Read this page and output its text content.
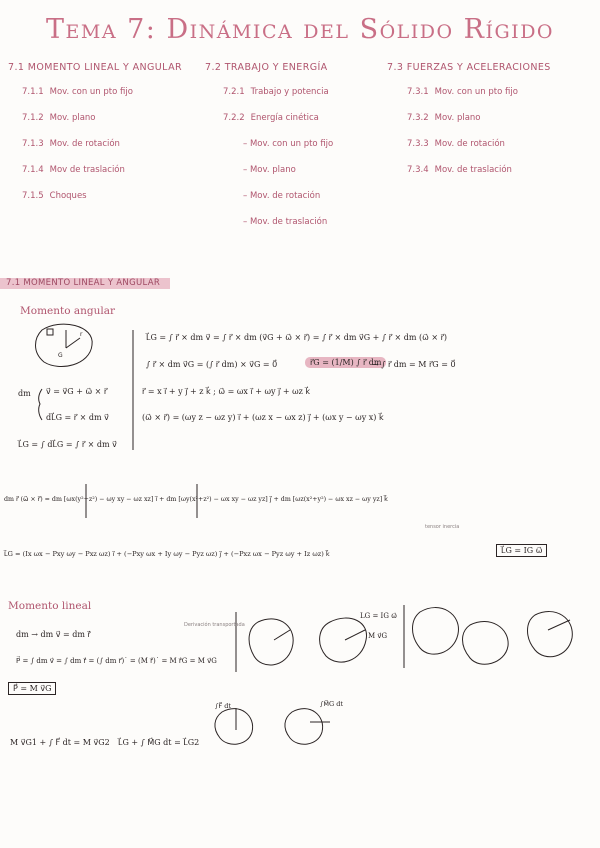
Tema 7: Dinámica del Sólido Rígido
7.1 MOMENTO LINEAL Y ANGULAR
7.1.1 Mov. con un pto fijo
7.1.2 Mov. plano
7.1.3 Mov. de rotación
7.1.4 Mov de traslación
7.1.5 Choques
7.2 TRABAJO Y ENERGÍA
7.2.1 Trabajo y potencia
7.2.2 Energía cinética
– Mov. con un pto fijo
– Mov. plano
– Mov. de rotación
– Mov. de traslación
7.3 FUERZAS Y ACELERACIONES
7.3.1 Mov. con un pto fijo
7.3.2 Mov. plano
7.3.3 Mov. de rotación
7.3.4 Mov. de traslación
7.1 MOMENTO LINEAL Y ANGULAR
Momento angular
G
r	L⃗G = ∫ r⃗ × dm v⃗ = ∫ r⃗ × dm (v⃗G + ω⃗ × r⃗) = ∫ r⃗ × dm v⃗G + ∫ r⃗ × dm (ω⃗ × r⃗)
∫ r⃗ × dm v⃗G = (∫ r⃗ dm) × v⃗G = 0⃗	r⃗G = (1/M) ∫ r⃗ dm
→ ∫ r⃗ dm = M r⃗G = 0⃗
dm v⃗ = v⃗G + ω⃗ × r⃗
dL⃗G = r⃗ × dm v⃗
L⃗G = ∫ dL⃗G = ∫ r⃗ × dm v⃗
r⃗ = x i⃗ + y j⃗ + z k⃗ ; ω⃗ = ωx i⃗ + ωy j⃗ + ωz k⃗
(ω⃗ × r⃗) = (ωy z − ωz y) i⃗ + (ωz x − ωx z) j⃗ + (ωx y − ωy x) k⃗
dm r⃗ (ω⃗ × r⃗) = dm [ωx(y²+z²) − ωy xy − ωz xz] i⃗ + dm [ωy(x²+z²) − ωx xy − ωz yz] j⃗ + dm [ωz(x²+y²) − ωx xz − ωy yz] k⃗
tensor inercia
L⃗G = (Ix ωx − Pxy ωy − Pxz ωz) i⃗ + (−Pxy ωx + Iy ωy − Pyz ωz) j⃗ + (−Pxz ωx − Pyz ωy + Iz ωz) k⃗	L⃗G = IG ω⃗
Momento lineal
dm → dm v⃗ = dm ṙ⃗
Derivación transportada
P⃗ = ∫ dm v⃗ = ∫ dm ṙ⃗ = (∫ dm r⃗)˙ = (M ṙ⃗)˙ = M ṙ⃗G = M v⃗G
P⃗ = M v⃗G
LG = IG ω⃗
M v⃗G
∫F⃗ dt	∫M⃗G dt
M v⃗G1 + ∫ F⃗ dt = M v⃗G2 L⃗G + ∫ M⃗G dt = L⃗G2
